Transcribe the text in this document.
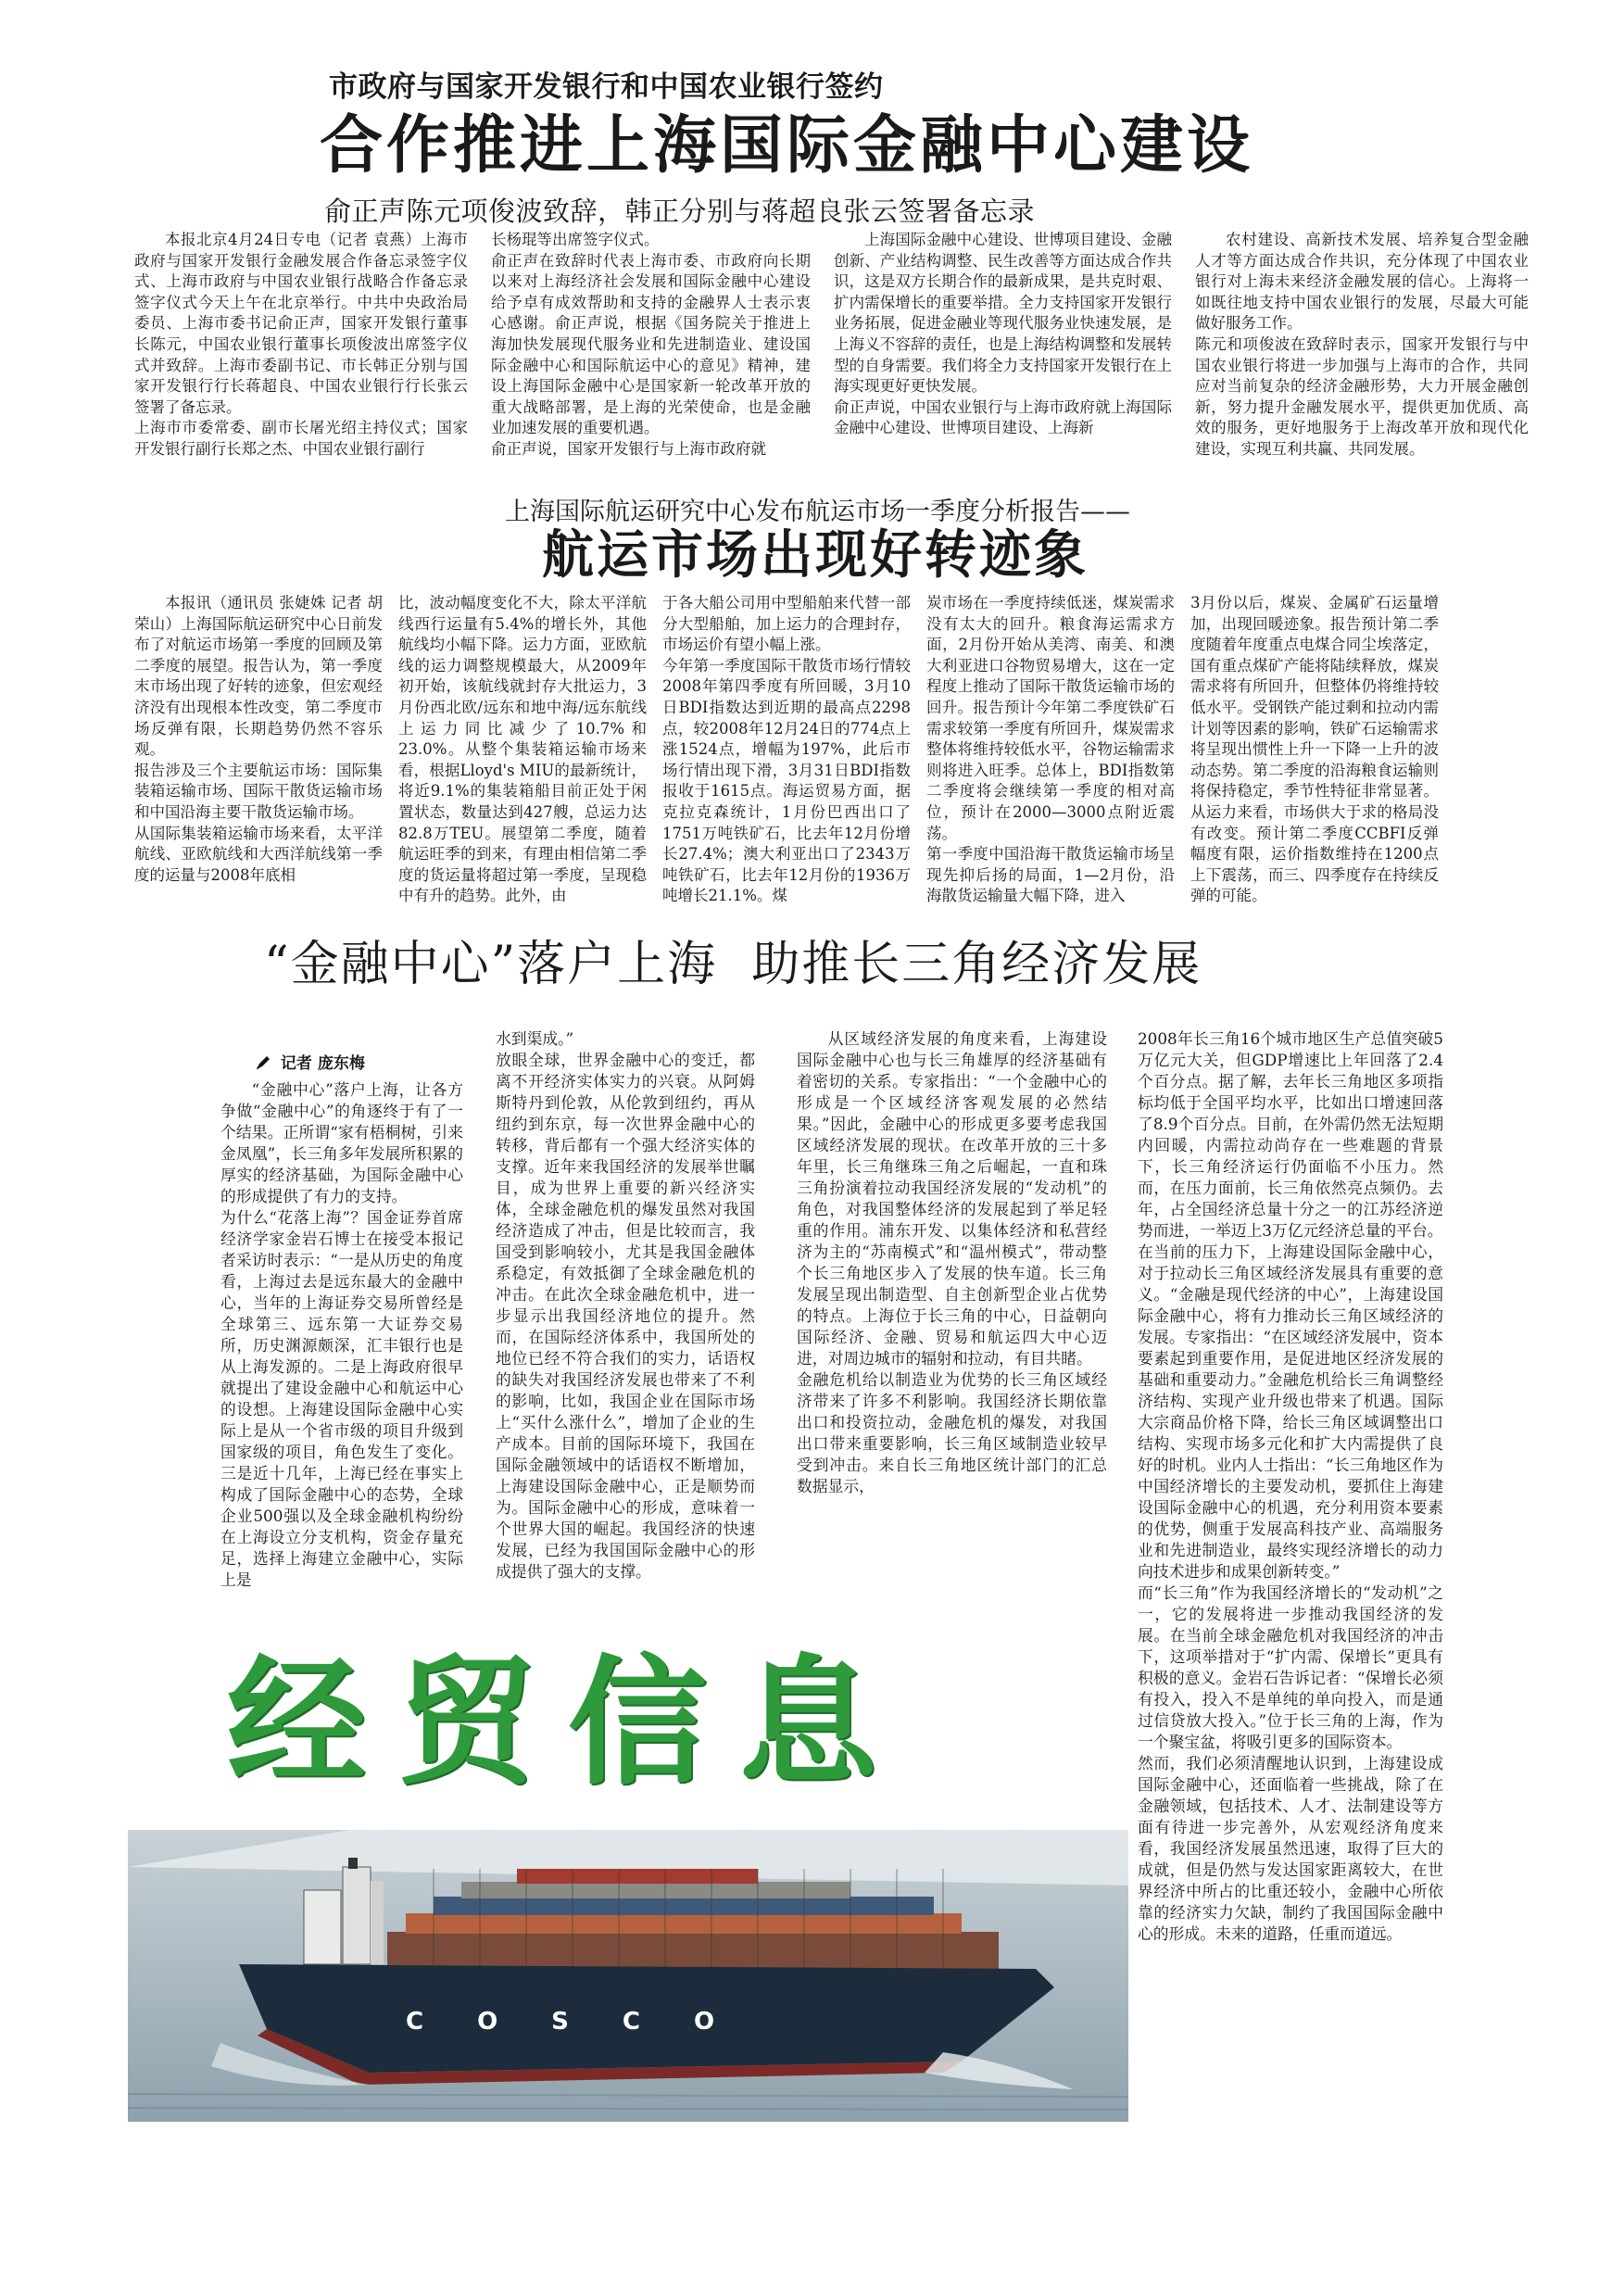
市政府与国家开发银行和中国农业银行签约
合作推进上海国际金融中心建设
俞正声陈元项俊波致辞，韩正分别与蒋超良张云签署备忘录
本报北京4月24日专电（记者 袁燕）上海市政府与国家开发银行金融发展合作备忘录签字仪式、上海市政府与中国农业银行战略合作备忘录签字仪式今天上午在北京举行。中共中央政治局委员、上海市委书记俞正声，国家开发银行董事长陈元，中国农业银行董事长项俊波出席签字仪式并致辞。上海市委副书记、市长韩正分别与国家开发银行行长蒋超良、中国农业银行行长张云签署了备忘录。
上海市市委常委、副市长屠光绍主持仪式；国家开发银行副行长郑之杰、中国农业银行副行
长杨琨等出席签字仪式。
俞正声在致辞时代表上海市委、市政府向长期以来对上海经济社会发展和国际金融中心建设给予卓有成效帮助和支持的金融界人士表示衷心感谢。俞正声说，根据《国务院关于推进上海加快发展现代服务业和先进制造业、建设国际金融中心和国际航运中心的意见》精神，建设上海国际金融中心是国家新一轮改革开放的重大战略部署，是上海的光荣使命，也是金融业加速发展的重要机遇。
俞正声说，国家开发银行与上海市政府就
上海国际金融中心建设、世博项目建设、金融创新、产业结构调整、民生改善等方面达成合作共识，这是双方长期合作的最新成果，是共克时艰、扩内需保增长的重要举措。全力支持国家开发银行业务拓展，促进金融业等现代服务业快速发展，是上海义不容辞的责任，也是上海结构调整和发展转型的自身需要。我们将全力支持国家开发银行在上海实现更好更快发展。
俞正声说，中国农业银行与上海市政府就上海国际金融中心建设、世博项目建设、上海新
农村建设、高新技术发展、培养复合型金融人才等方面达成合作共识，充分体现了中国农业银行对上海未来经济金融发展的信心。上海将一如既往地支持中国农业银行的发展，尽最大可能做好服务工作。
陈元和项俊波在致辞时表示，国家开发银行与中国农业银行将进一步加强与上海市的合作，共同应对当前复杂的经济金融形势，大力开展金融创新，努力提升金融发展水平，提供更加优质、高效的服务，更好地服务于上海改革开放和现代化建设，实现互利共赢、共同发展。
上海国际航运研究中心发布航运市场一季度分析报告——
航运市场出现好转迹象
本报讯（通讯员 张婕姝 记者 胡荣山）上海国际航运研究中心日前发布了对航运市场第一季度的回顾及第二季度的展望。报告认为，第一季度末市场出现了好转的迹象，但宏观经济没有出现根本性改变，第二季度市场反弹有限，长期趋势仍然不容乐观。
报告涉及三个主要航运市场：国际集装箱运输市场、国际干散货运输市场和中国沿海主要干散货运输市场。
从国际集装箱运输市场来看，太平洋航线、亚欧航线和大西洋航线第一季度的运量与2008年底相
比，波动幅度变化不大，除太平洋航线西行运量有5.4%的增长外，其他航线均小幅下降。运力方面，亚欧航线的运力调整规模最大，从2009年初开始，该航线就封存大批运力，3月份西北欧/远东和地中海/远东航线上运力同比减少了10.7%和23.0%。从整个集装箱运输市场来看，根据Lloyd's MIU的最新统计，将近9.1%的集装箱船目前正处于闲置状态，数量达到427艘，总运力达82.8万TEU。展望第二季度，随着航运旺季的到来，有理由相信第二季度的货运量将超过第一季度，呈现稳中有升的趋势。此外，由
于各大船公司用中型船舶来代替一部分大型船舶，加上运力的合理封存，市场运价有望小幅上涨。
今年第一季度国际干散货市场行情较2008年第四季度有所回暖，3月10日BDI指数达到近期的最高点2298点，较2008年12月24日的774点上涨1524点，增幅为197%，此后市场行情出现下滑，3月31日BDI指数报收于1615点。海运贸易方面，据克拉克森统计，1月份巴西出口了1751万吨铁矿石，比去年12月份增长27.4%；澳大利亚出口了2343万吨铁矿石，比去年12月份的1936万吨增长21.1%。煤
炭市场在一季度持续低迷，煤炭需求没有太大的回升。粮食海运需求方面，2月份开始从美湾、南美、和澳大利亚进口谷物贸易增大，这在一定程度上推动了国际干散货运输市场的回升。报告预计今年第二季度铁矿石需求较第一季度有所回升，煤炭需求整体将维持较低水平，谷物运输需求则将进入旺季。总体上，BDI指数第二季度将会继续第一季度的相对高位，预计在2000—3000点附近震荡。
第一季度中国沿海干散货运输市场呈现先抑后扬的局面，1—2月份，沿海散货运输量大幅下降，进入
3月份以后，煤炭、金属矿石运量增加，出现回暖迹象。报告预计第二季度随着年度重点电煤合同尘埃落定，国有重点煤矿产能将陆续释放，煤炭需求将有所回升，但整体仍将维持较低水平。受钢铁产能过剩和拉动内需计划等因素的影响，铁矿石运输需求将呈现出惯性上升一下降一上升的波动态势。第二季度的沿海粮食运输则将保持稳定，季节性特征非常显著。从运力来看，市场供大于求的格局没有改变。预计第二季度CCBFI反弹幅度有限，运价指数维持在1200点上下震荡，而三、四季度存在持续反弹的可能。
“金融中心”落户上海  助推长三角经济发展
记者 庞东梅
“金融中心”落户上海，让各方争做“金融中心”的角逐终于有了一个结果。正所谓“家有梧桐树，引来金凤凰”，长三角多年发展所积累的厚实的经济基础，为国际金融中心的形成提供了有力的支持。
为什么“花落上海”？国金证券首席经济学家金岩石博士在接受本报记者采访时表示：“一是从历史的角度看，上海过去是远东最大的金融中心，当年的上海证券交易所曾经是全球第三、远东第一大证券交易所，历史渊源颇深，汇丰银行也是从上海发源的。二是上海政府很早就提出了建设金融中心和航运中心的设想。上海建设国际金融中心实际上是从一个省市级的项目升级到国家级的项目，角色发生了变化。三是近十几年，上海已经在事实上构成了国际金融中心的态势，全球企业500强以及全球金融机构纷纷在上海设立分支机构，资金存量充足，选择上海建立金融中心，实际上是
水到渠成。”
放眼全球，世界金融中心的变迁，都离不开经济实体实力的兴衰。从阿姆斯特丹到伦敦，从伦敦到纽约，再从纽约到东京，每一次世界金融中心的转移，背后都有一个强大经济实体的支撑。近年来我国经济的发展举世瞩目，成为世界上重要的新兴经济实体，全球金融危机的爆发虽然对我国经济造成了冲击，但是比较而言，我国受到影响较小，尤其是我国金融体系稳定，有效抵御了全球金融危机的冲击。在此次全球金融危机中，进一步显示出我国经济地位的提升。然而，在国际经济体系中，我国所处的地位已经不符合我们的实力，话语权的缺失对我国经济发展也带来了不利的影响，比如，我国企业在国际市场上“买什么涨什么”，增加了企业的生产成本。目前的国际环境下，我国在国际金融领域中的话语权不断增加，上海建设国际金融中心，正是顺势而为。国际金融中心的形成，意味着一个世界大国的崛起。我国经济的快速发展，已经为我国国际金融中心的形成提供了强大的支撑。
从区域经济发展的角度来看，上海建设国际金融中心也与长三角雄厚的经济基础有着密切的关系。专家指出：“一个金融中心的形成是一个区域经济客观发展的必然结果。”因此，金融中心的形成更多要考虑我国区域经济发展的现状。在改革开放的三十多年里，长三角继珠三角之后崛起，一直和珠三角扮演着拉动我国经济发展的“发动机”的角色，对我国整体经济的发展起到了举足轻重的作用。浦东开发、以集体经济和私营经济为主的“苏南模式”和“温州模式”，带动整个长三角地区步入了发展的快车道。长三角发展呈现出制造型、自主创新型企业占优势的特点。上海位于长三角的中心，日益朝向国际经济、金融、贸易和航运四大中心迈进，对周边城市的辐射和拉动，有目共睹。
金融危机给以制造业为优势的长三角区域经济带来了许多不利影响。我国经济长期依靠出口和投资拉动，金融危机的爆发，对我国出口带来重要影响，长三角区域制造业较早受到冲击。来自长三角地区统计部门的汇总数据显示，
2008年长三角16个城市地区生产总值突破5万亿元大关，但GDP增速比上年回落了2.4个百分点。据了解，去年长三角地区多项指标均低于全国平均水平，比如出口增速回落了8.9个百分点。目前，在外需仍然无法短期内回暖，内需拉动尚存在一些难题的背景下，长三角经济运行仍面临不小压力。然而，在压力面前，长三角依然亮点频仍。去年，占全国经济总量十分之一的江苏经济逆势而进，一举迈上3万亿元经济总量的平台。
在当前的压力下，上海建设国际金融中心，对于拉动长三角区域经济发展具有重要的意义。“金融是现代经济的中心”，上海建设国际金融中心，将有力推动长三角区域经济的发展。专家指出：“在区域经济发展中，资本要素起到重要作用，是促进地区经济发展的基础和重要动力。”金融危机给长三角调整经济结构、实现产业升级也带来了机遇。国际大宗商品价格下降，给长三角区域调整出口结构、实现市场多元化和扩大内需提供了良好的时机。业内人士指出：“长三角地区作为中国经济增长的主要发动机，要抓住上海建设国际金融中心的机遇，充分利用资本要素的优势，侧重于发展高科技产业、高端服务业和先进制造业，最终实现经济增长的动力向技术进步和成果创新转变。”
而“长三角”作为我国经济增长的“发动机”之一，它的发展将进一步推动我国经济的发展。在当前全球金融危机对我国经济的冲击下，这项举措对于“扩内需、保增长”更具有积极的意义。金岩石告诉记者：“保增长必须有投入，投入不是单纯的单向投入，而是通过信贷放大投入。”位于长三角的上海，作为一个聚宝盆，将吸引更多的国际资本。
然而，我们必须清醒地认识到，上海建设成国际金融中心，还面临着一些挑战，除了在金融领域，包括技术、人才、法制建设等方面有待进一步完善外，从宏观经济角度来看，我国经济发展虽然迅速，取得了巨大的成就，但是仍然与发达国家距离较大，在世界经济中所占的比重还较小，金融中心所依靠的经济实力欠缺，制约了我国国际金融中心的形成。未来的道路，任重而道远。
经贸信息
COSCO
